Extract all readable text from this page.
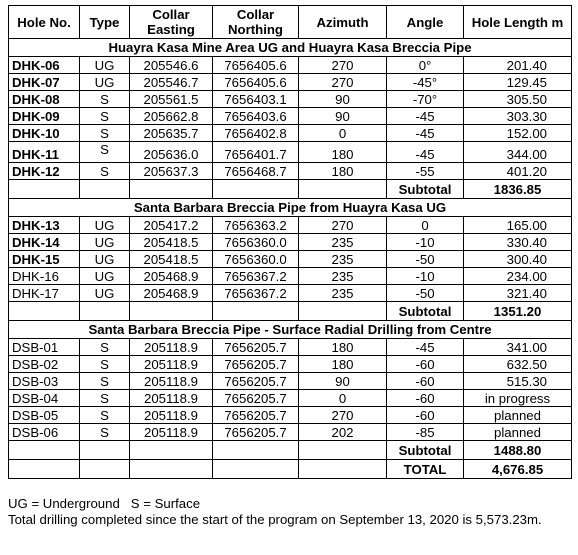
Hole No.	Type	Collar Easting	Collar Northing	Azimuth	Angle	Hole Length m
Huayra Kasa Mine Area UG and Huayra Kasa Breccia Pipe						
DHK-06	UG	205546.6	7656405.6	270	0°	201.40
DHK-07	UG	205546.7	7656405.6	270	-45°	129.45
DHK-08	S	205561.5	7656403.1	90	-70°	305.50
DHK-09	S	205662.8	7656403.6	90	-45	303.30
DHK-10	S	205635.7	7656402.8	0	-45	152.00
DHK-11	S	205636.0	7656401.7	180	-45	344.00
DHK-12	S	205637.3	7656468.7	180	-55	401.20
					Subtotal	1836.85
Santa Barbara Breccia Pipe from Huayra Kasa UG						
DHK-13	UG	205417.2	7656363.2	270	0	165.00
DHK-14	UG	205418.5	7656360.0	235	-10	330.40
DHK-15	UG	205418.5	7656360.0	235	-50	300.40
DHK-16	UG	205468.9	7656367.2	235	-10	234.00
DHK-17	UG	205468.9	7656367.2	235	-50	321.40
					Subtotal	1351.20
Santa Barbara Breccia Pipe - Surface Radial Drilling from Centre						
DSB-01	S	205118.9	7656205.7	180	-45	341.00
DSB-02	S	205118.9	7656205.7	180	-60	632.50
DSB-03	S	205118.9	7656205.7	90	-60	515.30
DSB-04	S	205118.9	7656205.7	0	-60	in progress
DSB-05	S	205118.9	7656205.7	270	-60	planned
DSB-06	S	205118.9	7656205.7	202	-85	planned
					Subtotal	1488.80
					TOTAL	4,676.85
UG = Underground   S = Surface
Total drilling completed since the start of the program on September 13, 2020 is 5,573.23m.
